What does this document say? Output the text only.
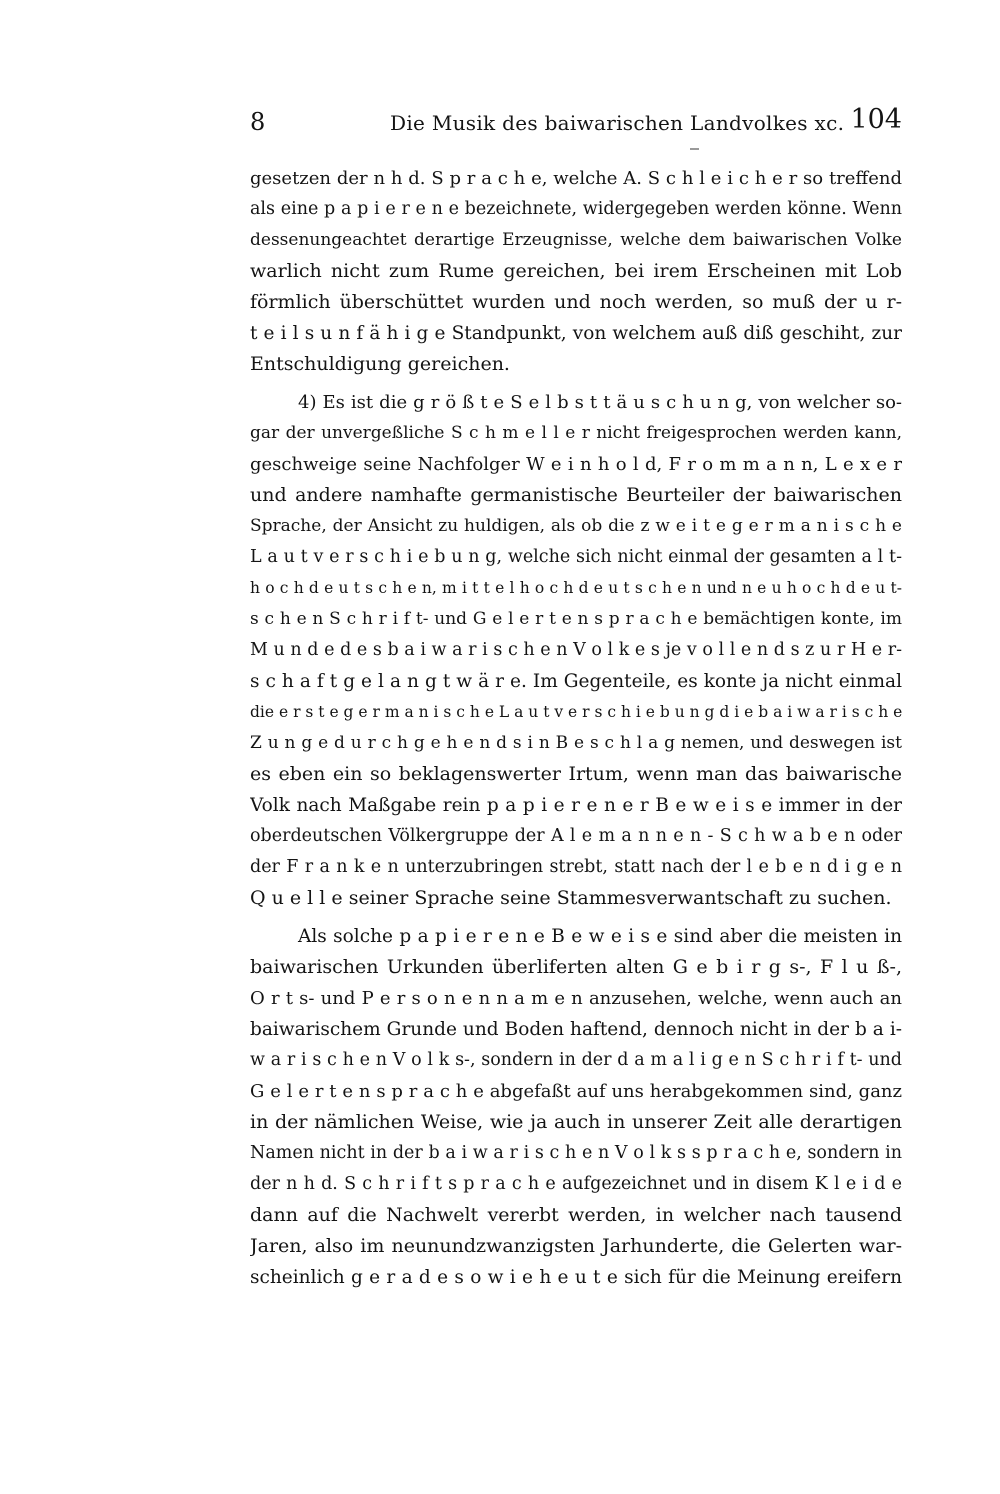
8	Die Musik des baiwarischen Landvolkes xc. 104
gesetzen der n h d. S p r a c h e, welche A. S c h l e i c h e r so treffend
als eine p a p i e r e n e bezeichnete, widergegeben werden könne. Wenn
dessenungeachtet derartige Erzeugnisse, welche dem baiwarischen Volke
warlich nicht zum Rume gereichen, bei irem Erscheinen mit Lob
förmlich überschüttet wurden und noch werden, so muß der u r-
t e i l s u n f ä h i g e Standpunkt, von welchem auß diß geschiht, zur
Entschuldigung gereichen.
4) Es ist die g r ö ß t e S e l b s t t ä u s c h u n g, von welcher so-
gar der unvergeßliche S c h m e l l e r nicht freigesprochen werden kann,
geschweige seine Nachfolger W e i n h o l d, F r o m m a n n, L e x e r
und andere namhafte germanistische Beurteiler der baiwarischen
Sprache, der Ansicht zu huldigen, als ob die z w e i t e g e r m a n i s c h e
L a u t v e r s c h i e b u n g, welche sich nicht einmal der gesamten a l t-
h o c h d e u t s c h e n, m i t t e l h o c h d e u t s c h e n und n e u h o c h d e u t-
s c h e n S c h r i f t- und G e l e r t e n s p r a c h e bemächtigen konte, im
M u n d e d e s b a i w a r i s c h e n V o l k e s je v o l l e n d s z u r H e r-
s c h a f t g e l a n g t w ä r e. Im Gegenteile, es konte ja nicht einmal
die e r s t e g e r m a n i s c h e L a u t v e r s c h i e b u n g d i e b a i w a r i s c h e
Z u n g e d u r c h g e h e n d s i n B e s c h l a g nemen, und deswegen ist
es eben ein so beklagenswerter Irtum, wenn man das baiwarische
Volk nach Maßgabe rein p a p i e r e n e r B e w e i s e immer in der
oberdeutschen Völkergruppe der A l e m a n n e n - S c h w a b e n oder
der F r a n k e n unterzubringen strebt, statt nach der l e b e n d i g e n
Q u e l l e seiner Sprache seine Stammesverwantschaft zu suchen.
Als solche p a p i e r e n e B e w e i s e sind aber die meisten in
baiwarischen Urkunden überliferten alten G e b i r g s-, F l u ß-,
O r t s- und P e r s o n e n n a m e n anzusehen, welche, wenn auch an
baiwarischem Grunde und Boden haftend, dennoch nicht in der b a i-
w a r i s c h e n V o l k s-, sondern in der d a m a l i g e n S c h r i f t- und
G e l e r t e n s p r a c h e abgefaßt auf uns herabgekommen sind, ganz
in der nämlichen Weise, wie ja auch in unserer Zeit alle derartigen
Namen nicht in der b a i w a r i s c h e n V o l k s s p r a c h e, sondern in
der n h d. S c h r i f t s p r a c h e aufgezeichnet und in disem K l e i d e
dann auf die Nachwelt vererbt werden, in welcher nach tausend
Jaren, also im neunundzwanzigsten Jarhunderte, die Gelerten war-
scheinlich g e r a d e s o w i e h e u t e sich für die Meinung ereifern
